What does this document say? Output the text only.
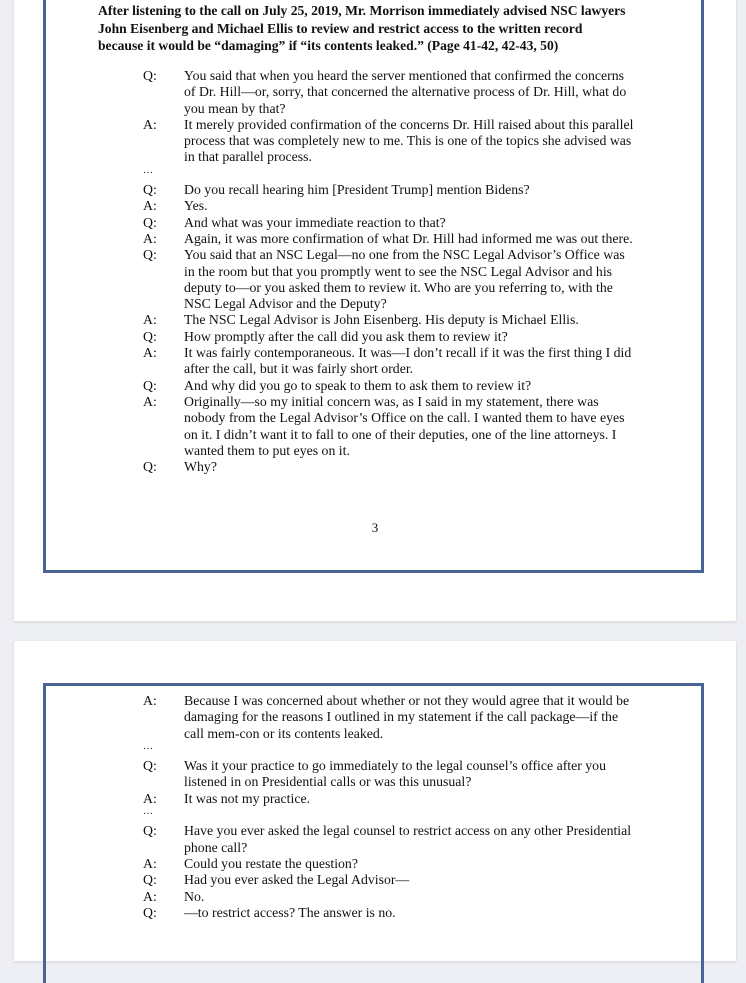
After listening to the call on July 25, 2019, Mr. Morrison immediately advised NSC lawyers
John Eisenberg and Michael Ellis to review and restrict access to the written record
because it would be “damaging” if “its contents leaked.” (Page 41-42, 42-43, 50)
Q:	You said that when you heard the server mentioned that confirmed the concerns
of Dr. Hill—or, sorry, that concerned the alternative process of Dr. Hill, what do
you mean by that?
A:	It merely provided confirmation of the concerns Dr. Hill raised about this parallel
process that was completely new to me. This is one of the topics she advised was
in that parallel process.
…
Q:	Do you recall hearing him [President Trump] mention Bidens?
A:	Yes.
Q:	And what was your immediate reaction to that?
A:	Again, it was more confirmation of what Dr. Hill had informed me was out there.
Q:	You said that an NSC Legal—no one from the NSC Legal Advisor’s Office was
in the room but that you promptly went to see the NSC Legal Advisor and his
deputy to—or you asked them to review it. Who are you referring to, with the
NSC Legal Advisor and the Deputy?
A:	The NSC Legal Advisor is John Eisenberg. His deputy is Michael Ellis.
Q:	How promptly after the call did you ask them to review it?
A:	It was fairly contemporaneous. It was—I don’t recall if it was the first thing I did
after the call, but it was fairly short order.
Q:	And why did you go to speak to them to ask them to review it?
A:	Originally—so my initial concern was, as I said in my statement, there was
nobody from the Legal Advisor’s Office on the call. I wanted them to have eyes
on it. I didn’t want it to fall to one of their deputies, one of the line attorneys. I
wanted them to put eyes on it.
Q:	Why?
3
A:	Because I was concerned about whether or not they would agree that it would be
damaging for the reasons I outlined in my statement if the call package—if the
call mem-con or its contents leaked.
…
Q:	Was it your practice to go immediately to the legal counsel’s office after you
listened in on Presidential calls or was this unusual?
A:	It was not my practice.
…
Q:	Have you ever asked the legal counsel to restrict access on any other Presidential
phone call?
A:	Could you restate the question?
Q:	Had you ever asked the Legal Advisor—
A:	No.
Q:	—to restrict access? The answer is no.
